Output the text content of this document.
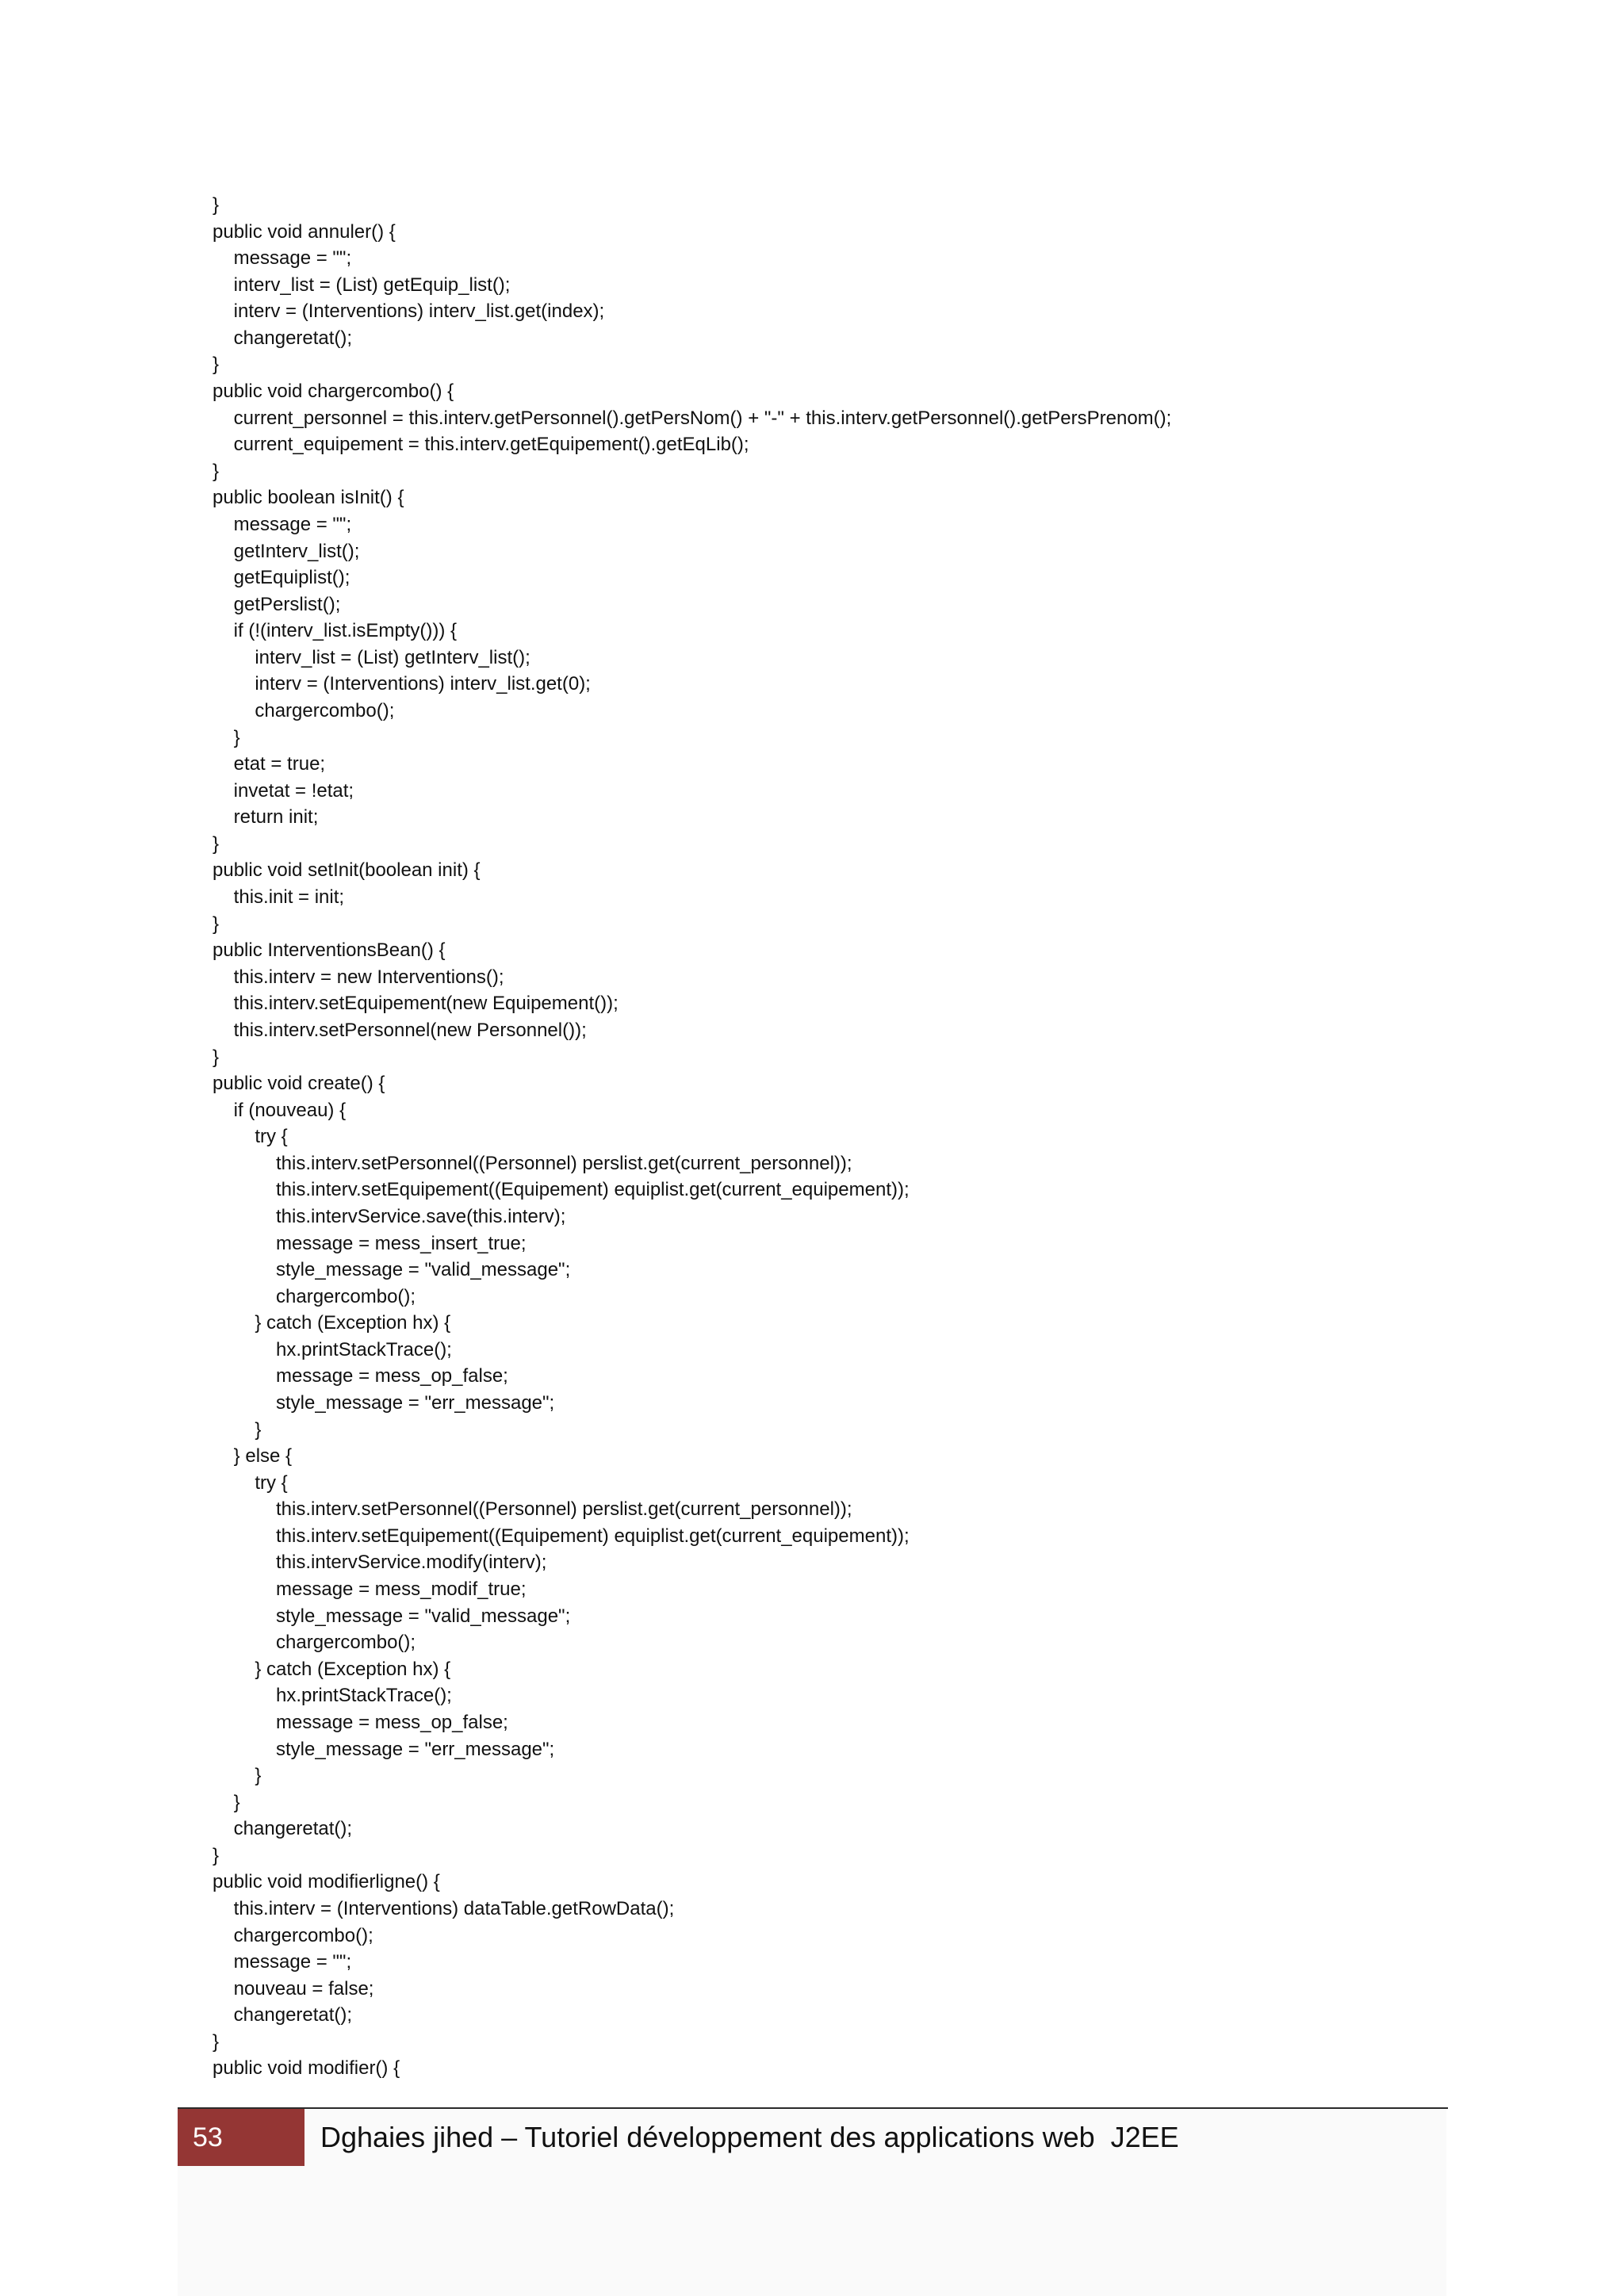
}
public void annuler() {
message = "";
interv_list = (List) getEquip_list();
interv = (Interventions) interv_list.get(index);
changeretat();
}
public void chargercombo() {
current_personnel = this.interv.getPersonnel().getPersNom() + "-" + this.interv.getPersonnel().getPersPrenom();
current_equipement = this.interv.getEquipement().getEqLib();
}
public boolean isInit() {
message = "";
getInterv_list();
getEquiplist();
getPerslist();
if (!(interv_list.isEmpty())) {
interv_list = (List) getInterv_list();
interv = (Interventions) interv_list.get(0);
chargercombo();
}
etat = true;
invetat = !etat;
return init;
}
public void setInit(boolean init) {
this.init = init;
}
public InterventionsBean() {
this.interv = new Interventions();
this.interv.setEquipement(new Equipement());
this.interv.setPersonnel(new Personnel());
}
public void create() {
if (nouveau) {
try {
this.interv.setPersonnel((Personnel) perslist.get(current_personnel));
this.interv.setEquipement((Equipement) equiplist.get(current_equipement));
this.intervService.save(this.interv);
message = mess_insert_true;
style_message = "valid_message";
chargercombo();
} catch (Exception hx) {
hx.printStackTrace();
message = mess_op_false;
style_message = "err_message";
}
} else {
try {
this.interv.setPersonnel((Personnel) perslist.get(current_personnel));
this.interv.setEquipement((Equipement) equiplist.get(current_equipement));
this.intervService.modify(interv);
message = mess_modif_true;
style_message = "valid_message";
chargercombo();
} catch (Exception hx) {
hx.printStackTrace();
message = mess_op_false;
style_message = "err_message";
}
}
changeretat();
}
public void modifierligne() {
this.interv = (Interventions) dataTable.getRowData();
chargercombo();
message = "";
nouveau = false;
changeretat();
}
public void modifier() {
53	Dghaies jihed – Tutoriel développement des applications web  J2EE
